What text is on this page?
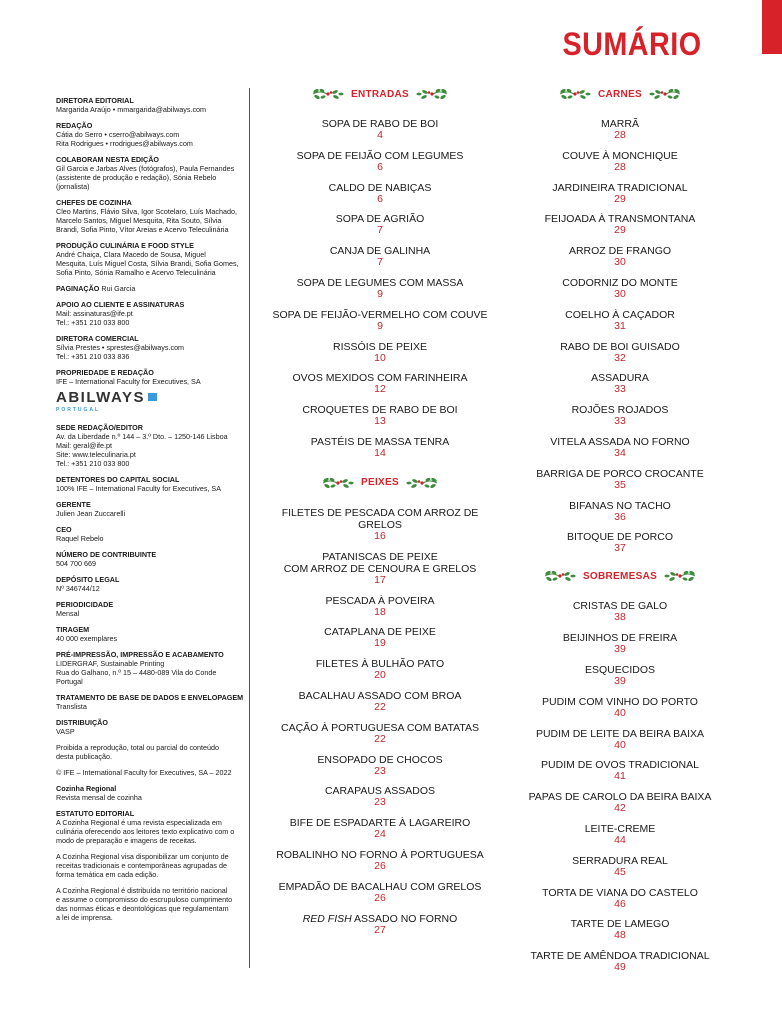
SUMÁRIO
DIRETORA EDITORIAL
Margarida Araújo • mmargarida@abilways.com
REDAÇÃO
Cátia do Serro • cserro@abilways.com
Rita Rodrigues • rrodrigues@abilways.com
COLABORAM NESTA EDIÇÃO
Gil Garcia e Jarbas Alves (fotógrafos), Paula Fernandes
(assistente de produção e redação), Sónia Rebelo
(jornalista)
CHEFES DE COZINHA
Cleo Martins, Flávio Silva, Igor Scotelaro, Luís Machado,
Marcelo Santos, Miguel Mesquita, Rita Souto, Sílvia
Brandi, Sofia Pinto, Vítor Areias e Acervo Teleculinária
PRODUÇÃO CULINÁRIA E FOOD STYLE
André Chaiça, Clara Macedo de Sousa, Miguel
Mesquita, Luís Miguel Costa, Sílvia Brandi, Sofia Gomes,
Sofia Pinto, Sónia Ramalho e Acervo Teleculinária
PAGINAÇÃO Rui Garcia
APOIO AO CLIENTE E ASSINATURAS
Mail: assinaturas@ife.pt
Tel.: +351 210 033 800
DIRETORA COMERCIAL
Sílvia Prestes • sprestes@abilways.com
Tel.: +351 210 033 836
PROPRIEDADE E REDAÇÃO
IFE – International Faculty for Executives, SA
ABILWAYS
PORTUGAL
SEDE REDAÇÃO/EDITOR
Av. da Liberdade n.º 144 – 3.º Dto. – 1250-146 Lisboa
Mail: geral@ife.pt
Site: www.teleculinaria.pt
Tel.: +351 210 033 800
DETENTORES DO CAPITAL SOCIAL
100% IFE – International Faculty for Executives, SA
GERENTE
Julien Jean Zuccarelli
CEO
Raquel Rebelo
NÚMERO DE CONTRIBUINTE
504 700 669
DEPÓSITO LEGAL
Nº 346744/12
PERIODICIDADE
Mensal
TIRAGEM
40 000 exemplares
PRÉ-IMPRESSÃO, IMPRESSÃO E ACABAMENTO
LIDERGRAF, Sustainable Printing
Rua do Galhano, n.º 15 – 4480-089 Vila do Conde
Portugal
TRATAMENTO DE BASE DE DADOS E ENVELOPAGEM
Translista
DISTRIBUIÇÃO
VASP
Proibida a reprodução, total ou parcial do conteúdo
desta publicação.
© IFE – International Faculty for Executives, SA – 2022
Cozinha Regional
Revista mensal de cozinha
ESTATUTO EDITORIAL
A Cozinha Regional é uma revista especializada em
culinária oferecendo aos leitores texto explicativo com o
modo de preparação e imagens de receitas.
A Cozinha Regional visa disponibilizar um conjunto de
receitas tradicionais e contemporâneas agrupadas de
forma temática em cada edição.
A Cozinha Regional é distribuída no território nacional
e assume o compromisso do escrupuloso cumprimento
das normas éticas e deontológicas que regulamentam
a lei de imprensa.
ENTRADAS
SOPA DE RABO DE BOI
4
SOPA DE FEIJÃO COM LEGUMES
6
CALDO DE NABIÇAS
6
SOPA DE AGRIÃO
7
CANJA DE GALINHA
7
SOPA DE LEGUMES COM MASSA
9
SOPA DE FEIJÃO-VERMELHO COM COUVE
9
RISSÓIS DE PEIXE
10
OVOS MEXIDOS COM FARINHEIRA
12
CROQUETES DE RABO DE BOI
13
PASTÉIS DE MASSA TENRA
14
PEIXES
FILETES DE PESCADA COM ARROZ DE GRELOS
16
PATANISCAS DE PEIXE
COM ARROZ DE CENOURA E GRELOS
17
PESCADA À POVEIRA
18
CATAPLANA DE PEIXE
19
FILETES À BULHÃO PATO
20
BACALHAU ASSADO COM BROA
22
CAÇÃO À PORTUGUESA COM BATATAS
22
ENSOPADO DE CHOCOS
23
CARAPAUS ASSADOS
23
BIFE DE ESPADARTE À LAGAREIRO
24
ROBALINHO NO FORNO À PORTUGUESA
26
EMPADÃO DE BACALHAU COM GRELOS
26
RED FISH ASSADO NO FORNO
27
CARNES
MARRÃ
28
COUVE À MONCHIQUE
28
JARDINEIRA TRADICIONAL
29
FEIJOADA À TRANSMONTANA
29
ARROZ DE FRANGO
30
CODORNIZ DO MONTE
30
COELHO À CAÇADOR
31
RABO DE BOI GUISADO
32
ASSADURA
33
ROJÕES ROJADOS
33
VITELA ASSADA NO FORNO
34
BARRIGA DE PORCO CROCANTE
35
BIFANAS NO TACHO
36
BITOQUE DE PORCO
37
SOBREMESAS
CRISTAS DE GALO
38
BEIJINHOS DE FREIRA
39
ESQUECIDOS
39
PUDIM COM VINHO DO PORTO
40
PUDIM DE LEITE DA BEIRA BAIXA
40
PUDIM DE OVOS TRADICIONAL
41
PAPAS DE CAROLO DA BEIRA BAIXA
42
LEITE-CREME
44
SERRADURA REAL
45
TORTA DE VIANA DO CASTELO
46
TARTE DE LAMEGO
48
TARTE DE AMÊNDOA TRADICIONAL
49
